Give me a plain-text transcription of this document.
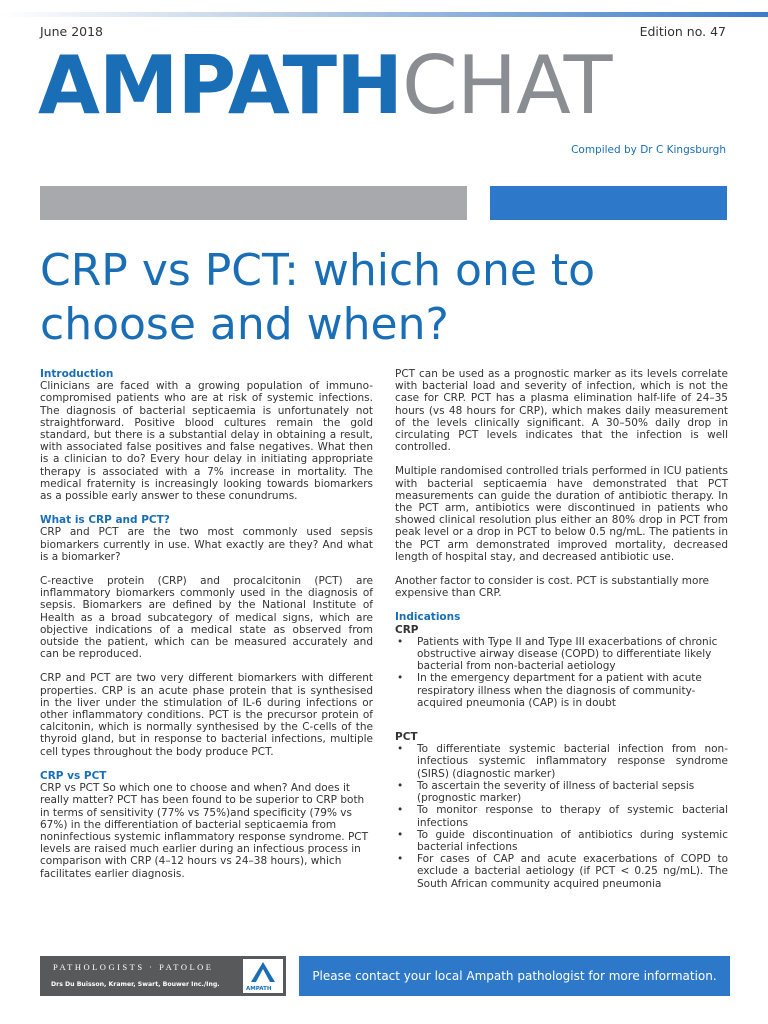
June 2018	Edition no. 47
AMPATHCHAT
Compiled by Dr C Kingsburgh
CRP vs PCT: which one to choose and when?
Introduction

Clinicians are faced with a growing population of immuno-compromised patients who are at risk of systemic infections. The diagnosis of bacterial septicaemia is unfortunately not straightforward. Positive blood cultures remain the gold standard, but there is a substantial delay in obtaining a result, with associated false positives and false negatives. What then is a clinician to do? Every hour delay in initiating appropriate therapy is associated with a 7% increase in mortality. The medical fraternity is increasingly looking towards biomarkers as a possible early answer to these conundrums.

What is CRP and PCT?

CRP and PCT are the two most commonly used sepsis biomarkers currently in use. What exactly are they? And what is a biomarker?

C-reactive protein (CRP) and procalcitonin (PCT) are inflammatory biomarkers commonly used in the diagnosis of sepsis. Biomarkers are defined by the National Institute of Health as a broad subcategory of medical signs, which are objective indications of a medical state as observed from outside the patient, which can be measured accurately and can be reproduced.

CRP and PCT are two very different biomarkers with different properties. CRP is an acute phase protein that is synthesised in the liver under the stimulation of IL-6 during infections or other inflammatory conditions. PCT is the precursor protein of calcitonin, which is normally synthesised by the C-cells of the thyroid gland, but in response to bacterial infections, multiple cell types throughout the body produce PCT.

CRP vs PCT

CRP vs PCT So which one to choose and when? And does it really matter? PCT has been found to be superior to CRP both in terms of sensitivity (77% vs 75%)and specificity (79% vs 67%) in the differentiation of bacterial septicaemia from noninfectious systemic inflammatory response syndrome. PCT levels are raised much earlier during an infectious process in comparison with CRP (4–12 hours vs 24–38 hours), which facilitates earlier diagnosis.

PCT can be used as a prognostic marker as its levels correlate with bacterial load and severity of infection, which is not the case for CRP. PCT has a plasma elimination half-life of 24–35 hours (vs 48 hours for CRP), which makes daily measurement of the levels clinically significant. A 30–50% daily drop in circulating PCT levels indicates that the infection is well controlled.

Multiple randomised controlled trials performed in ICU patients with bacterial septicaemia have demonstrated that PCT measurements can guide the duration of antibiotic therapy. In the PCT arm, antibiotics were discontinued in patients who showed clinical resolution plus either an 80% drop in PCT from peak level or a drop in PCT to below 0.5 ng/mL. The patients in the PCT arm demonstrated improved mortality, decreased length of hospital stay, and decreased antibiotic use.

Another factor to consider is cost. PCT is substantially more expensive than CRP.

Indications
CRP
• Patients with Type II and Type III exacerbations of chronic obstructive airway disease (COPD) to differentiate likely bacterial from non-bacterial aetiology
• In the emergency department for a patient with acute respiratory illness when the diagnosis of community-acquired pneumonia (CAP) is in doubt
PCT
• To differentiate systemic bacterial infection from non-infectious systemic inflammatory response syndrome (SIRS) (diagnostic marker)
• To ascertain the severity of illness of bacterial sepsis (prognostic marker)
• To monitor response to therapy of systemic bacterial infections
• To guide discontinuation of antibiotics during systemic bacterial infections
• For cases of CAP and acute exacerbations of COPD to exclude a bacterial aetiology (if PCT < 0.25 ng/mL). The South African community acquired pneumonia
PATHOLOGISTS · PATOLOE
Drs Du Buisson, Kramer, Swart, Bouwer Inc./Ing.
AMPATH
Please contact your local Ampath pathologist for more information.
